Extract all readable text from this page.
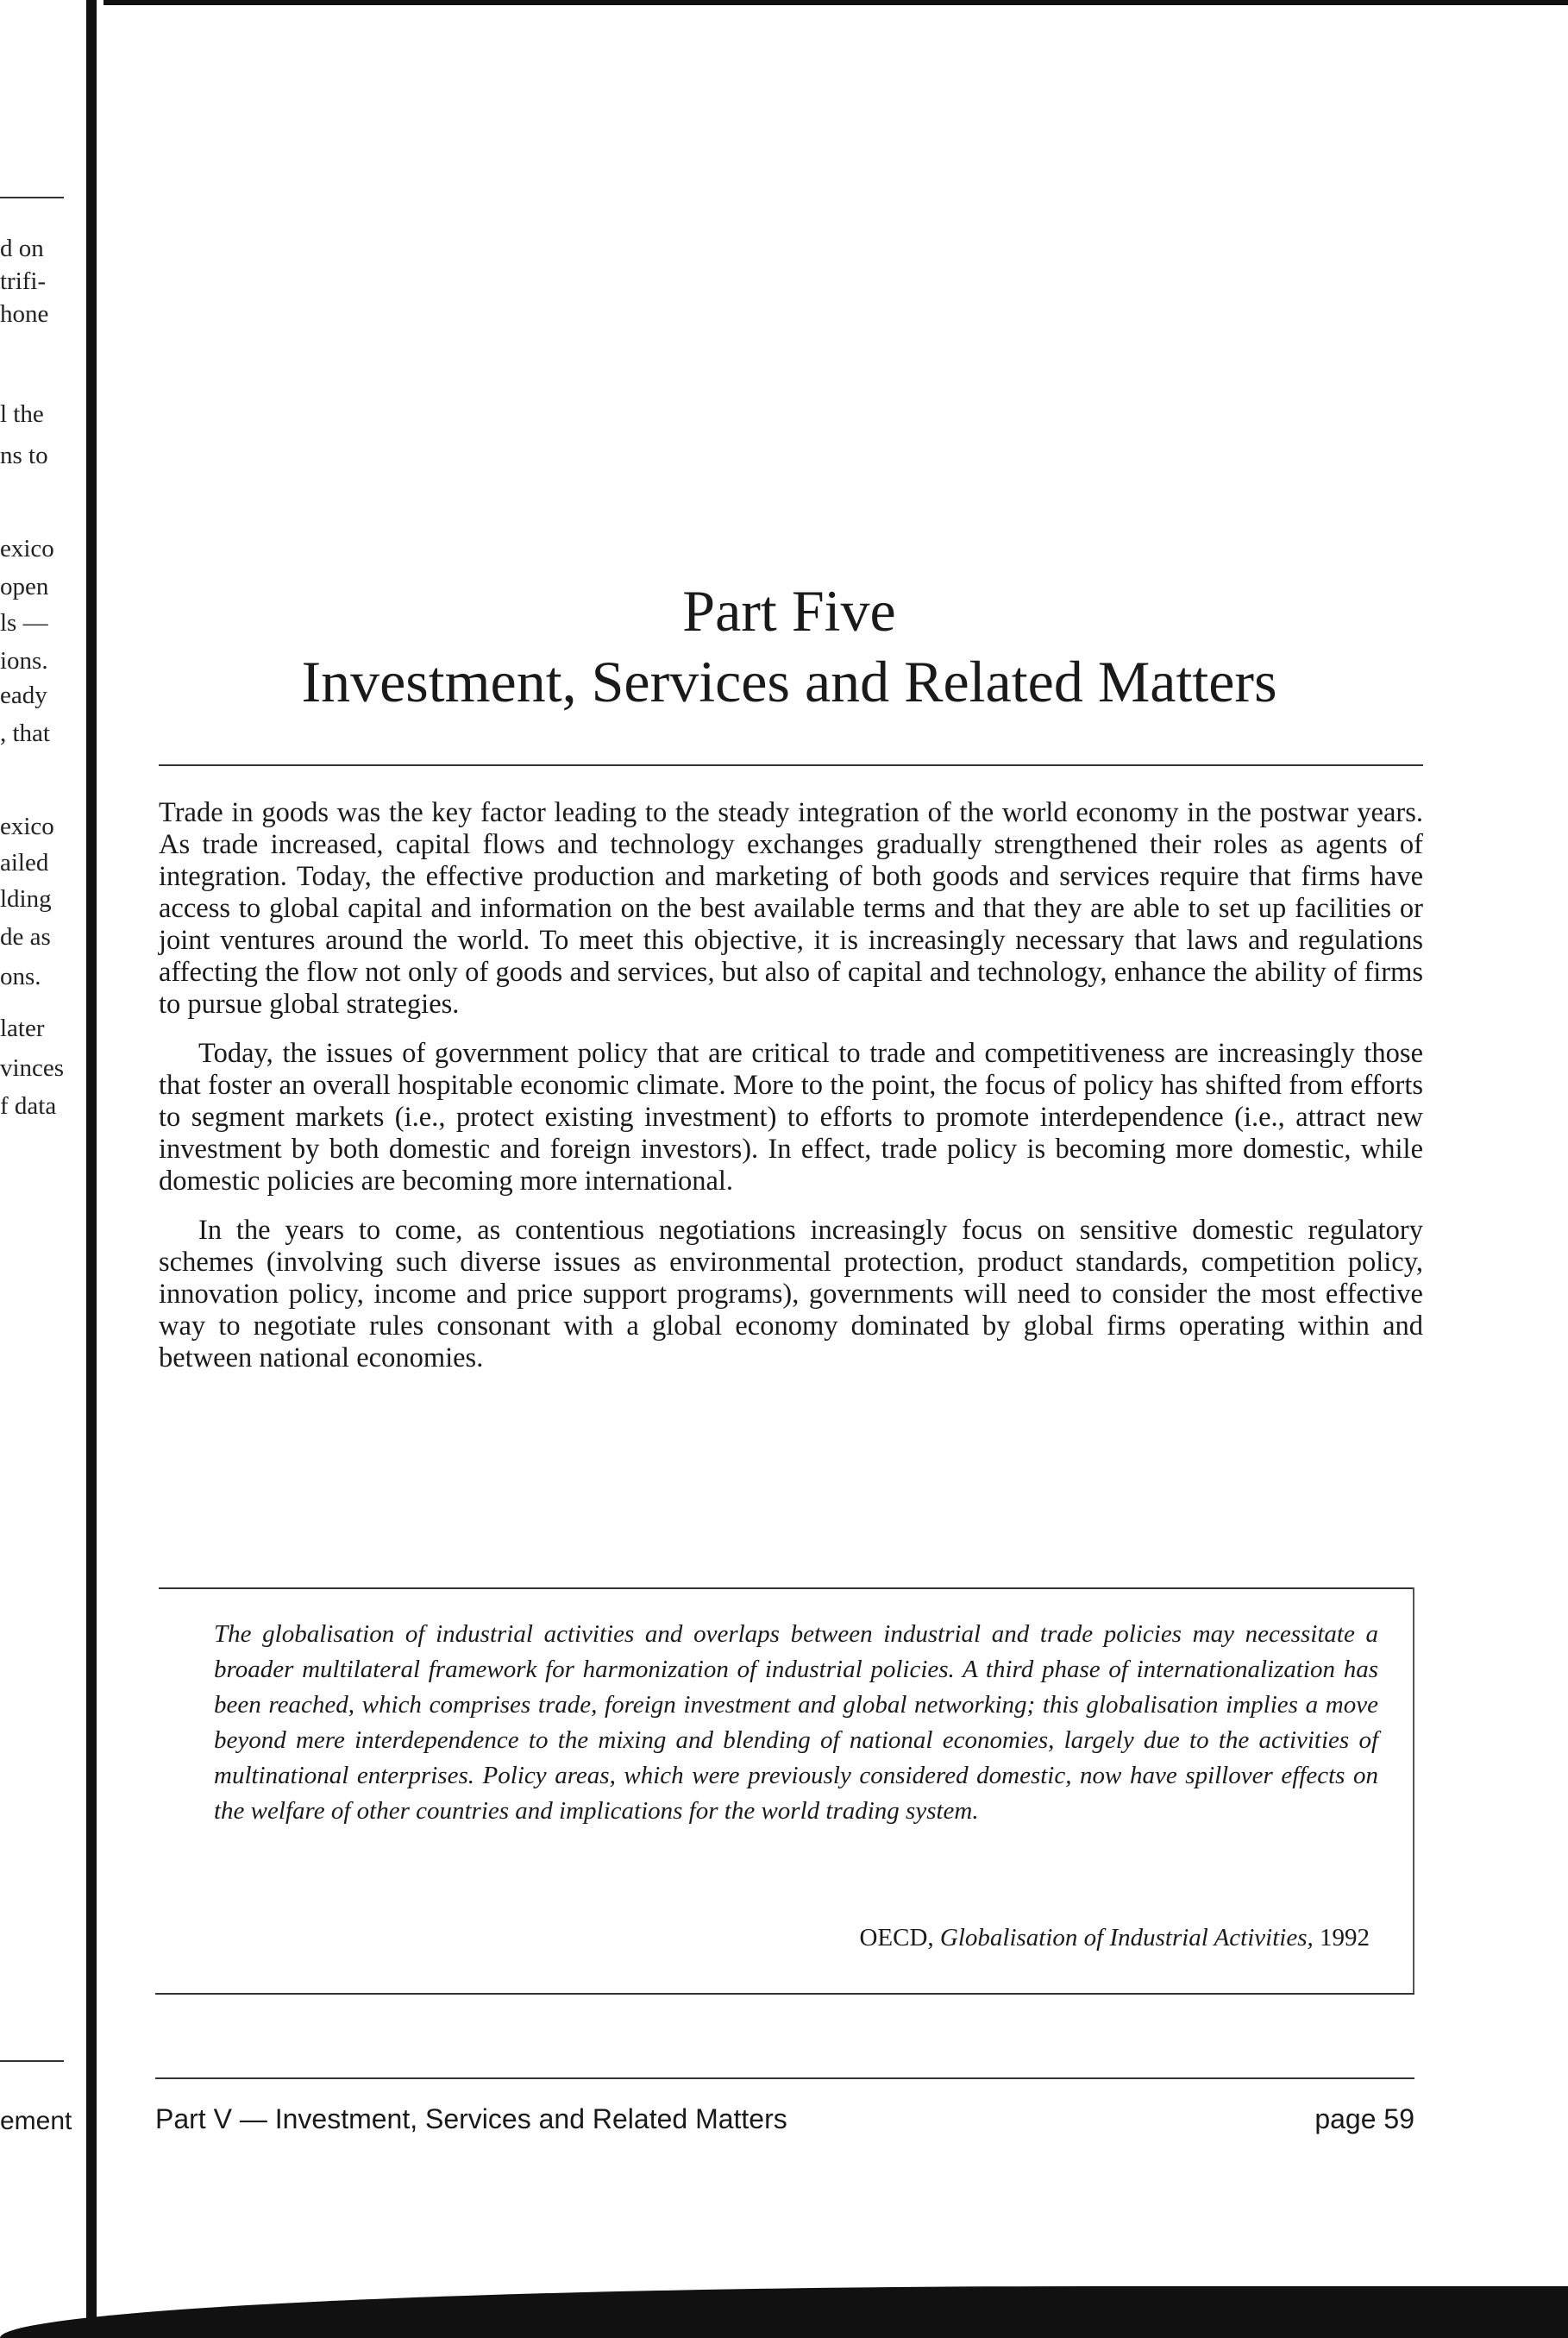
d on
trifi-
hone
l the
ns to
exico
open
ls —
ions.
eady
, that
exico
ailed
lding
de as
ons.
later
vinces
f data
ement
Part Five
Investment, Services and Related Matters

Trade in goods was the key factor leading to the steady integration of the world economy in the postwar years. As trade increased, capital flows and technology exchanges gradually strengthened their roles as agents of integration. Today, the effective production and marketing of both goods and services require that firms have access to global capital and information on the best available terms and that they are able to set up facilities or joint ventures around the world. To meet this objective, it is increasingly necessary that laws and regulations affecting the flow not only of goods and services, but also of capital and technology, enhance the ability of firms to pursue global strategies.

Today, the issues of government policy that are critical to trade and competitiveness are increasingly those that foster an overall hospitable economic climate. More to the point, the focus of policy has shifted from efforts to segment markets (i.e., protect existing investment) to efforts to promote interdependence (i.e., attract new investment by both domestic and foreign investors). In effect, trade policy is becoming more domestic, while domestic policies are becoming more international.

In the years to come, as contentious negotiations increasingly focus on sensitive domestic regulatory schemes (involving such diverse issues as environmental protection, product standards, competition policy, innovation policy, income and price support programs), governments will need to consider the most effective way to negotiate rules consonant with a global economy dominated by global firms operating within and between national economies.

The globalisation of industrial activities and overlaps between industrial and trade policies may necessitate a broader multilateral framework for harmonization of industrial policies. A third phase of internationalization has been reached, which comprises trade, foreign investment and global networking; this globalisation implies a move beyond mere interdependence to the mixing and blending of national economies, largely due to the activities of multinational enterprises. Policy areas, which were previously considered domestic, now have spillover effects on the welfare of other countries and implications for the world trading system.
OECD, Globalisation of Industrial Activities, 1992
Part V — Investment, Services and Related Matters	page 59
